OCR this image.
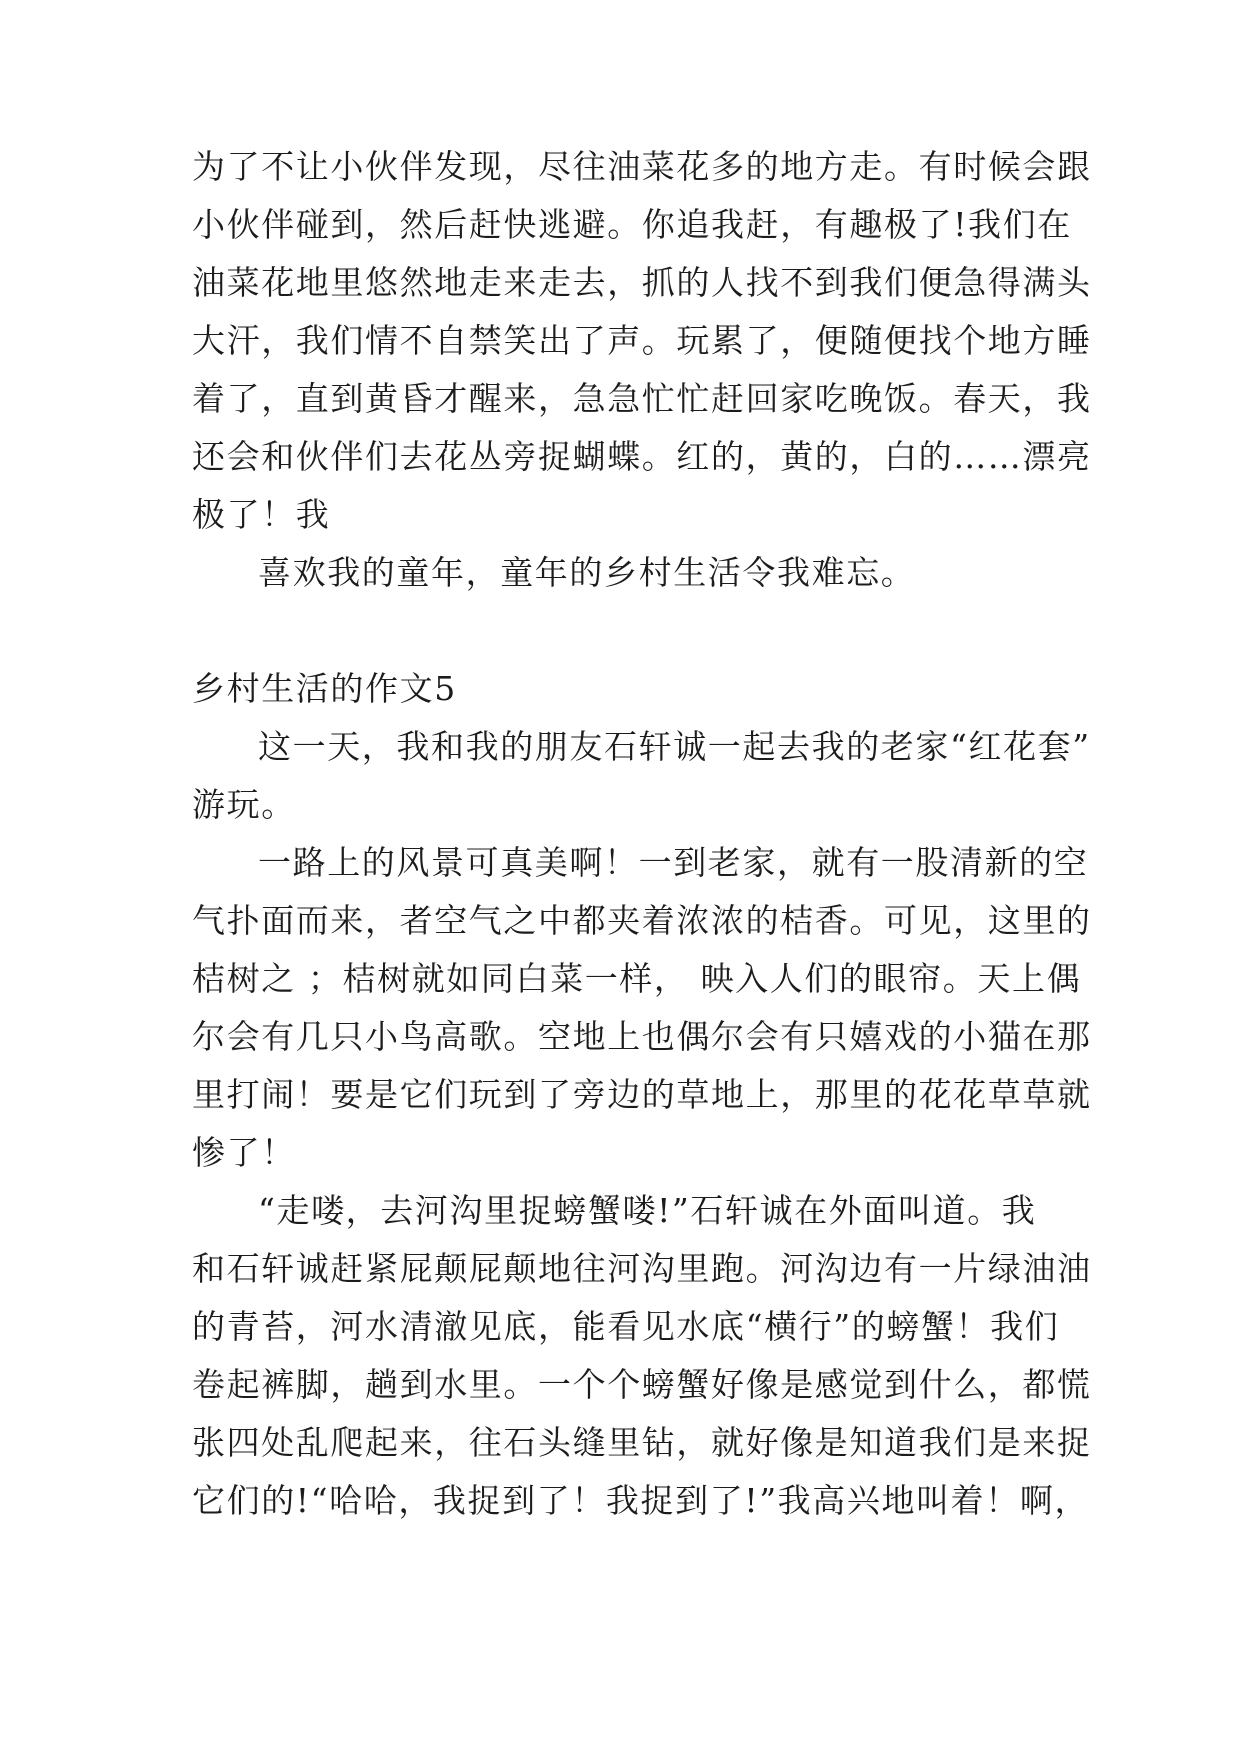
为了不让小伙伴发现，尽往油菜花多的地方走。有时候会跟
小伙伴碰到，然后赶快逃避。你追我赶，有趣极了!我们在
油菜花地里悠然地走来走去，抓的人找不到我们便急得满头
大汗，我们情不自禁笑出了声。玩累了，便随便找个地方睡
着了，直到黄昏才醒来，急急忙忙赶回家吃晚饭。春天，我
还会和伙伴们去花丛旁捉蝴蝶。红的，黄的，白的……漂亮
极了！我
喜欢我的童年，童年的乡村生活令我难忘。
乡村生活的作文5
这一天，我和我的朋友石轩诚一起去我的老家“红花套”
游玩。
一路上的风景可真美啊！一到老家，就有一股清新的空
气扑面而来，者空气之中都夹着浓浓的桔香。可见，这里的
桔树之 ；桔树就如同白菜一样， 映入人们的眼帘。天上偶
尔会有几只小鸟高歌。空地上也偶尔会有只嬉戏的小猫在那
里打闹！要是它们玩到了旁边的草地上，那里的花花草草就
惨了！
“走喽，去河沟里捉螃蟹喽!”石轩诚在外面叫道。我
和石轩诚赶紧屁颠屁颠地往河沟里跑。河沟边有一片绿油油
的青苔，河水清澈见底，能看见水底“横行”的螃蟹！我们
卷起裤脚，趟到水里。一个个螃蟹好像是感觉到什么，都慌
张四处乱爬起来，往石头缝里钻，就好像是知道我们是来捉
它们的!“哈哈，我捉到了！我捉到了!”我高兴地叫着！啊，
